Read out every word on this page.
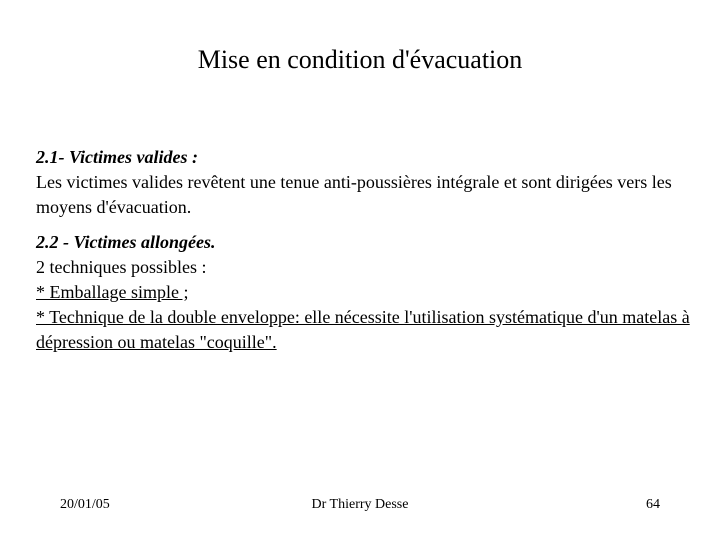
Mise en condition d'évacuation

2.1- Victimes valides :

Les victimes valides revêtent une tenue anti-poussières intégrale et sont dirigées vers les moyens d'évacuation.

2.2 - Victimes allongées.

2 techniques possibles :

* Emballage simple ;

* Technique de la double enveloppe: elle nécessite l'utilisation systématique d'un matelas à dépression ou matelas "coquille".

20/01/05	Dr Thierry Desse	64
